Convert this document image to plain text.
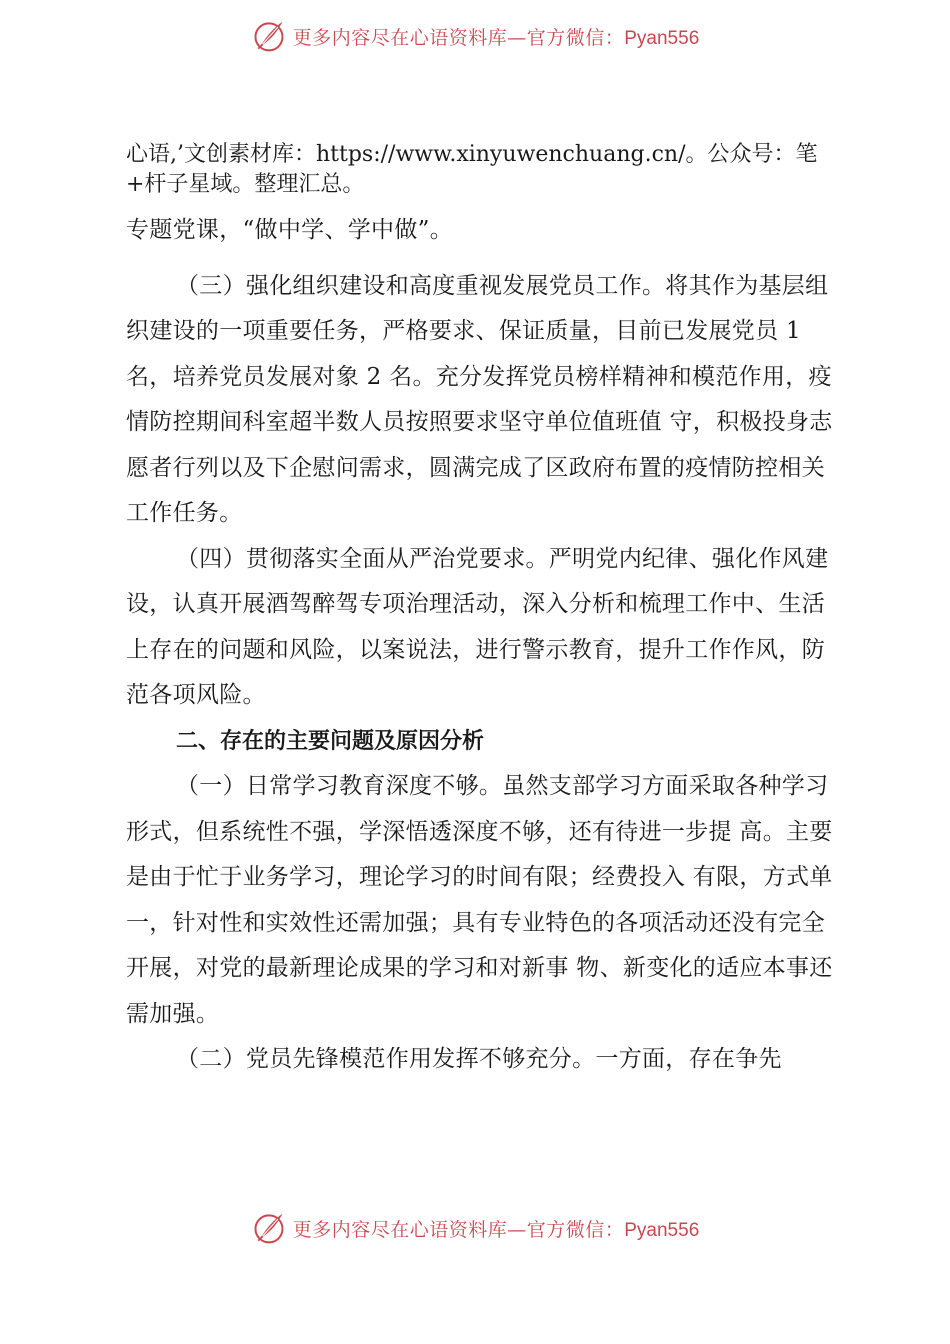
更多内容尽在心语资料库—官方微信：Pyan556

心语,’文创素材库：https://www.xinyuwenchuang.cn/。公众号：笔+杆子星域。整理汇总。

专题党课，“做中学、学中做”。

（三）强化组织建设和高度重视发展党员工作。将其作为基层组织建设的一项重要任务，严格要求、保证质量，目前已发展党员 1 名，培养党员发展对象 2 名。充分发挥党员榜样精神和模范作用，疫情防控期间科室超半数人员按照要求坚守单位值班值 守，积极投身志愿者行列以及下企慰问需求，圆满完成了区政府布置的疫情防控相关工作任务。

（四）贯彻落实全面从严治党要求。严明党内纪律、强化作风建设，认真开展酒驾醉驾专项治理活动，深入分析和梳理工作中、生活上存在的问题和风险，以案说法，进行警示教育，提升工作作风，防范各项风险。

二、存在的主要问题及原因分析

（一）日常学习教育深度不够。虽然支部学习方面采取各种学习形式，但系统性不强，学深悟透深度不够，还有待进一步提 高。主要是由于忙于业务学习，理论学习的时间有限；经费投入 有限，方式单一，针对性和实效性还需加强；具有专业特色的各项活动还没有完全开展，对党的最新理论成果的学习和对新事 物、新变化的适应本事还需加强。

（二）党员先锋模范作用发挥不够充分。一方面，存在争先

更多内容尽在心语资料库—官方微信：Pyan556
